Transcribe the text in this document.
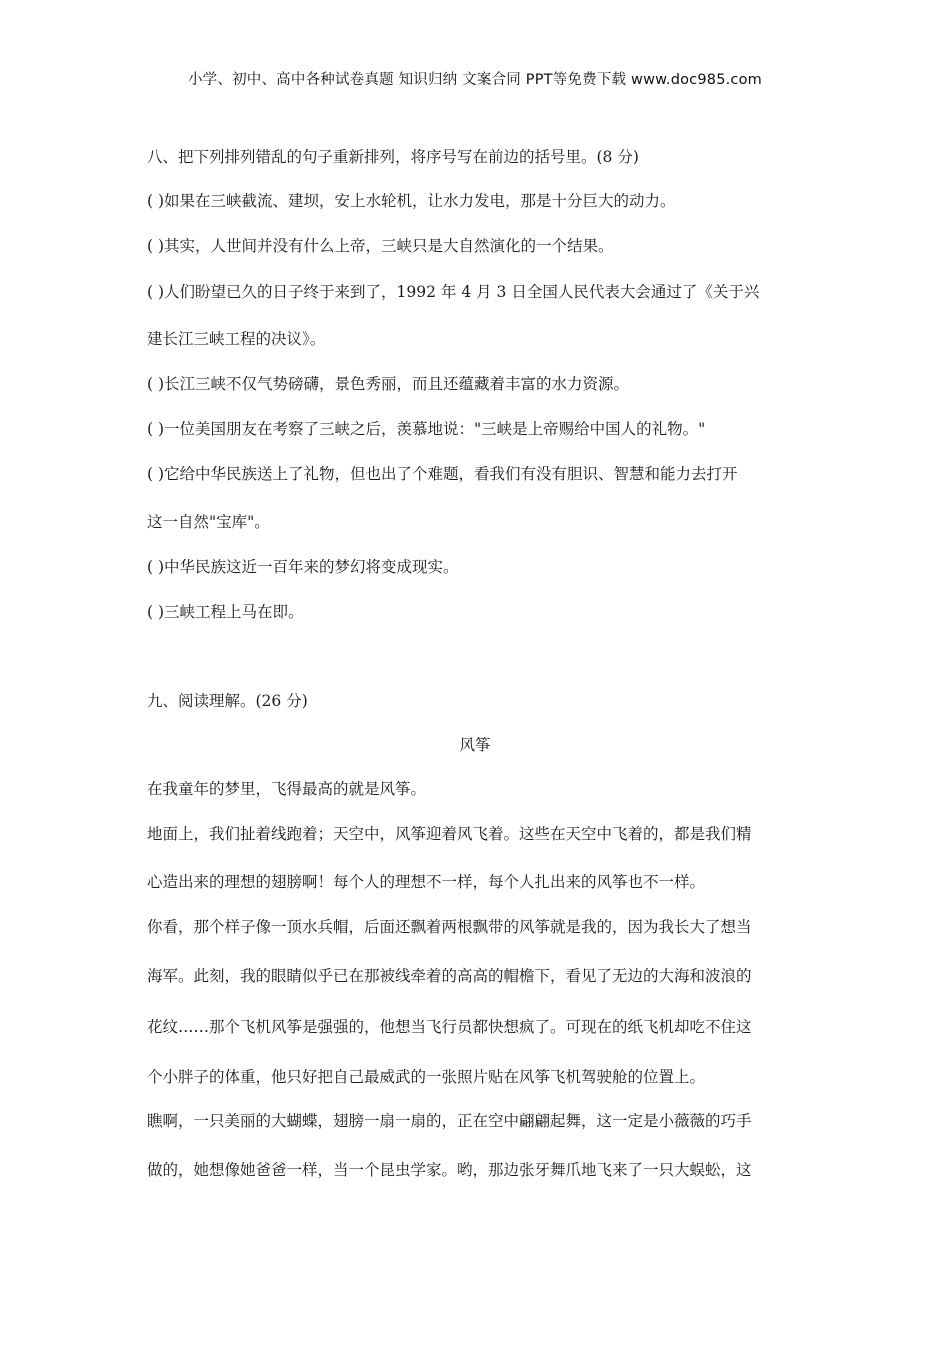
小学、初中、高中各种试卷真题 知识归纳 文案合同 PPT等免费下载 www.doc985.com
八、把下列排列错乱的句子重新排列，将序号写在前边的括号里。(8 分)
( )如果在三峡截流、建坝，安上水轮机，让水力发电，那是十分巨大的动力。
( )其实，人世间并没有什么上帝，三峡只是大自然演化的一个结果。
( )人们盼望已久的日子终于来到了，1992 年 4 月 3 日全国人民代表大会通过了《关于兴
建长江三峡工程的决议》。
( )长江三峡不仅气势磅礴，景色秀丽，而且还蕴藏着丰富的水力资源。
( )一位美国朋友在考察了三峡之后，羡慕地说："三峡是上帝赐给中国人的礼物。"
( )它给中华民族送上了礼物，但也出了个难题，看我们有没有胆识、智慧和能力去打开
这一自然"宝库"。
( )中华民族这近一百年来的梦幻将变成现实。
( )三峡工程上马在即。
九、阅读理解。(26 分)
风筝
在我童年的梦里，飞得最高的就是风筝。
地面上，我们扯着线跑着；天空中，风筝迎着风飞着。这些在天空中飞着的，都是我们精
心造出来的理想的翅膀啊！每个人的理想不一样，每个人扎出来的风筝也不一样。
你看，那个样子像一顶水兵帽，后面还飘着两根飘带的风筝就是我的，因为我长大了想当
海军。此刻，我的眼睛似乎已在那被线牵着的高高的帽檐下，看见了无边的大海和波浪的
花纹……那个飞机风筝是强强的，他想当飞行员都快想疯了。可现在的纸飞机却吃不住这
个小胖子的体重，他只好把自己最威武的一张照片贴在风筝飞机驾驶舱的位置上。
瞧啊，一只美丽的大蝴蝶，翅膀一扇一扇的，正在空中翩翩起舞，这一定是小薇薇的巧手
做的，她想像她爸爸一样，当一个昆虫学家。哟，那边张牙舞爪地飞来了一只大蜈蚣，这
